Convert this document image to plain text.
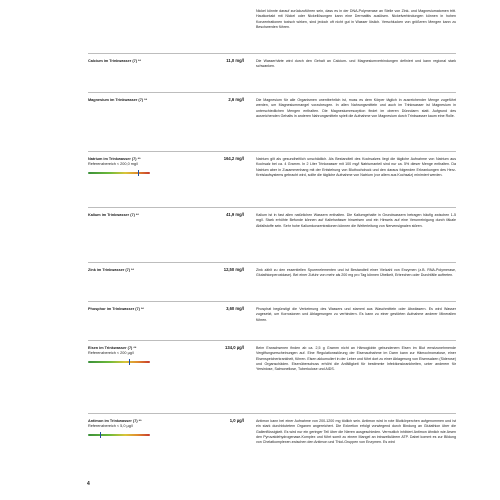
Nickel könnte darauf zurückzuführen sein, dass es in der DNA-Polymerase an Stelle von Zink- und Magnesiumatomen tritt. Hautkontakt mit Nickel oder Nickellösungen kann eine Dermatitis auslösen. Nickelverbindungen können in hohen Konzentrationen toxisch wirken, sind jedoch oft nicht gut in Wasser löslich. Verschlucken von größeren Mengen kann zu Beschwerden führen.
Calcium im Trinkwasser (7) **	11,0 mg/l	Die Wasserhärte wird durch den Gehalt an Calcium- und Magnesiumverbindungen definiert und kann regional stark schwanken.
Magnesium im Trinkwasser (7) **	2,6 mg/l	Die Magnesium für alle Organismen unentbehrlich ist, muss es dem Körper täglich in ausreichender Menge zugeführt werden, um Magnesiummangel vorzubeugen. In allen Nahrungsmitteln und auch im Trinkwasser ist Magnesium in unterschiedlichen Mengen enthalten. Die Magnesiumresorption findet im oberen Dünndarm statt. Aufgrund des ausreichenden Gehalts in anderen Nahrungsmitteln spielt die Aufnahme von Magnesium durch Trinkwasser kaum eine Rolle.
Natrium im Trinkwasser (7) **
Referenzbereich < 200,0 mg/l
164,2 mg/l	Natrium gilt als gesundheitlich unschädlich. Als Bestandteil des Kochsalzes liegt die tägliche Aufnahme von Natrium aus Kochsalz bei ca. 4 Gramm. In 2 Liter Trinkwasser mit 100 mg/l Natriumanteil sind nur ca. 5% dieser Menge enthalten. Da Natrium aber in Zusammenhang mit der Entstehung von Bluthochdruck und den daraus folgenden Erkrankungen des Herz-Kreislaufsystems gebracht wird, sollte die tägliche Aufnahme von Natrium (vor allem aus Kochsalz) minimiert werden.
Kalium im Trinkwasser (7) **	41,9 mg/l	Kalium ist in fast allen natürlichen Wassern enthalten. Die Kaliumgehalte in Grundwassern betragen häufig zwischen 1-5 mg/l. Stark erhöhte Befunde können auf Kaliehwässer hinweisen und ein Hinweis auf eine Verunreinigung durch fäkale Abfallstoffe sein. Sehr hohe Kaliumkonzentrationen können die Weiterleitung von Nervensignalen stören.
Zink im Trinkwasser (7) **	12,50 mg/l	Zink zählt zu den essentiellen Spurenelementen und ist Bestandteil einer Vielzahl von Enzymen (z.B. RNA-Polymerase, Glutathionperoxidase). Bei einer Zufuhr von mehr als 200 mg pro Tag können Übelkeit, Erbrechen oder Durchfälle auftreten.
Phosphor im Trinkwasser (7) **	3,60 mg/l	Phosphat begünstigt die Verkeimung des Wassers und stammt aus Waschmitteln oder Abwässern. Es wird Wasser zugesetzt, um Korrosionen und Ablagerungen zu verhindern. Es kann zu einer gestörten Aufnahme anderer Mineralien führen.
Eisen im Trinkwasser (7) **
Referenzbereich < 200 µg/l
134,0 µg/l	Beim Erwachsenen finden ab ca. 2,5 g Gramm nicht an Hämoglobin gebundenem Eisen im Blut ernstzunehmende Vergiftungserscheinungen auf. Eine Regulationsstörung der Eisenaufnahme im Darm kann zur Hämochromatose, einer Eisenspeicherkrankheit, führen. Eisen akkumuliert in der Leber und führt dort zu einer Ablagerung von Eisensalzen (Siderose) und Organschäden. Eisenüberschuss erhöht die Anfälligkeit für bestimmte Infektionskrankheiten, unter anderem für Yersiniose, Salmonellose, Tuberkulose und AIDS.
Antimon im Trinkwasser (7) **
Referenzbereich < 5,0 µg/l
1,0 µg/l	Antimon kann bei einer Aufnahme von 200-1200 mg tödlich sein. Antimon wird in rote Blutkörperchen aufgenommen und ist ein stark durchblutetem Organen angereichert. Die Exkretion erfolgt vorwiegend durch Bindung an Glutathion über die Gallenflüssigkeit. Es wird nur ein geringer Teil über die Nieren ausgeschieden. Vermutlich inhibiert Antimon ähnlich wie Arsen den Pyruvatdehydrogenase-Komplex und führt somit zu einem Mangel an intrazellulärem ATP. Dabei kommt es zur Bildung von Chelatkomplexen zwischen den Antimon und Thiol-Gruppen von Enzymen. Es wird
4
